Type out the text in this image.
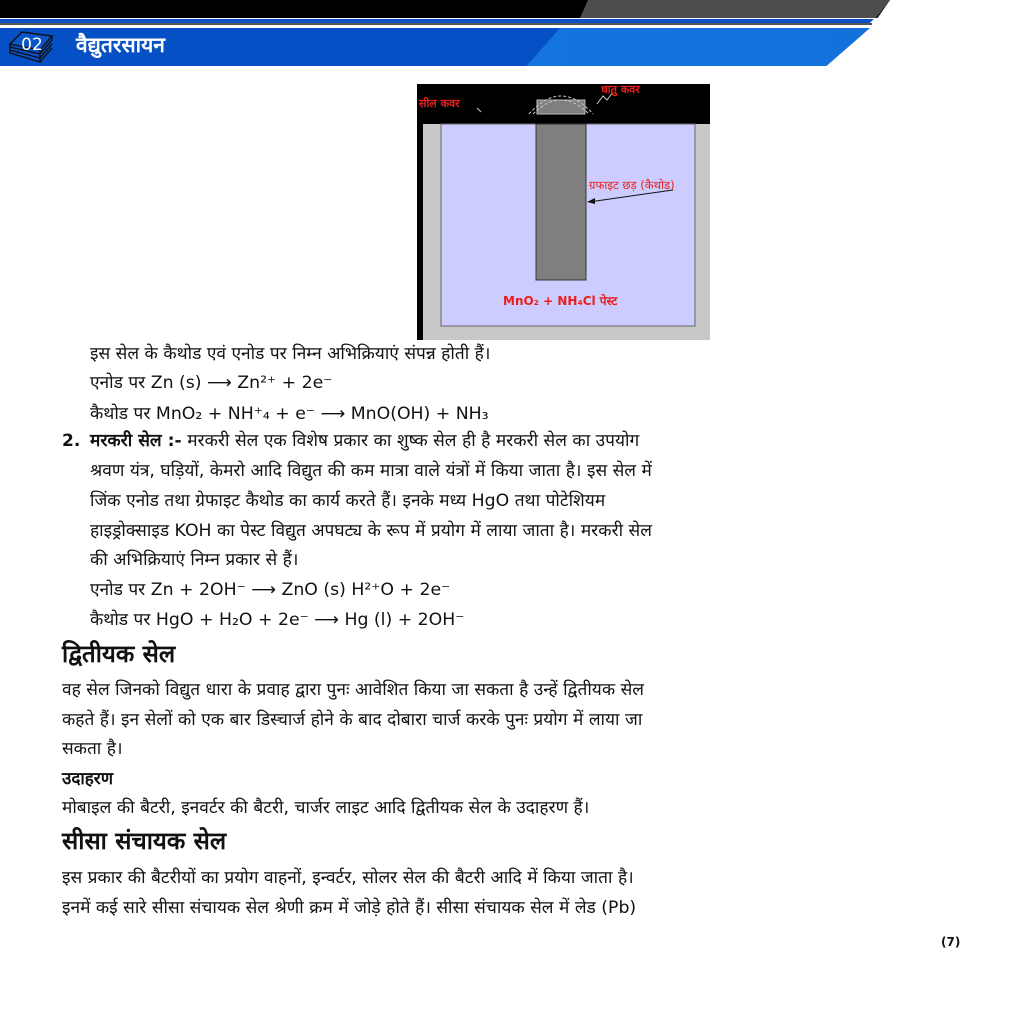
02 वैद्युतरसायन
सील कवर
धातु कवर
ग्रफाइट छड़ (कैथोड)
MnO₂ + NH₄Cl पेस्ट
इस सेल के कैथोड एवं एनोड पर निम्न अभिक्रियाएं संपन्न होती हैं।
एनोड पर Zn (s) ⟶ Zn²⁺ + 2e⁻
कैथोड पर MnO₂ + NH⁺₄ + e⁻ ⟶ MnO(OH) + NH₃
2. मरकरी सेल :- मरकरी सेल एक विशेष प्रकार का शुष्क सेल ही है मरकरी सेल का उपयोग
श्रवण यंत्र, घड़ियों, केमरो आदि विद्युत की कम मात्रा वाले यंत्रों में किया जाता है। इस सेल में
जिंक एनोड तथा ग्रेफाइट कैथोड का कार्य करते हैं। इनके मध्य HgO तथा पोटेशियम
हाइड्रोक्साइड KOH का पेस्ट विद्युत अपघट्य के रूप में प्रयोग में लाया जाता है। मरकरी सेल
की अभिक्रियाएं निम्न प्रकार से हैं।
एनोड पर Zn + 2OH⁻ ⟶ ZnO (s) H²⁺O + 2e⁻
कैथोड पर HgO + H₂O + 2e⁻ ⟶ Hg (l) + 2OH⁻
द्वितीयक सेल
वह सेल जिनको विद्युत धारा के प्रवाह द्वारा पुनः आवेशित किया जा सकता है उन्हें द्वितीयक सेल
कहते हैं। इन सेलों को एक बार डिस्चार्ज होने के बाद दोबारा चार्ज करके पुनः प्रयोग में लाया जा
सकता है।
उदाहरण
मोबाइल की बैटरी, इनवर्टर की बैटरी, चार्जर लाइट आदि द्वितीयक सेल के उदाहरण हैं।
सीसा संचायक सेल
इस प्रकार की बैटरीयों का प्रयोग वाहनों, इन्वर्टर, सोलर सेल की बैटरी आदि में किया जाता है।
इनमें कई सारे सीसा संचायक सेल श्रेणी क्रम में जोड़े होते हैं। सीसा संचायक सेल में लेड (Pb)
(7)
